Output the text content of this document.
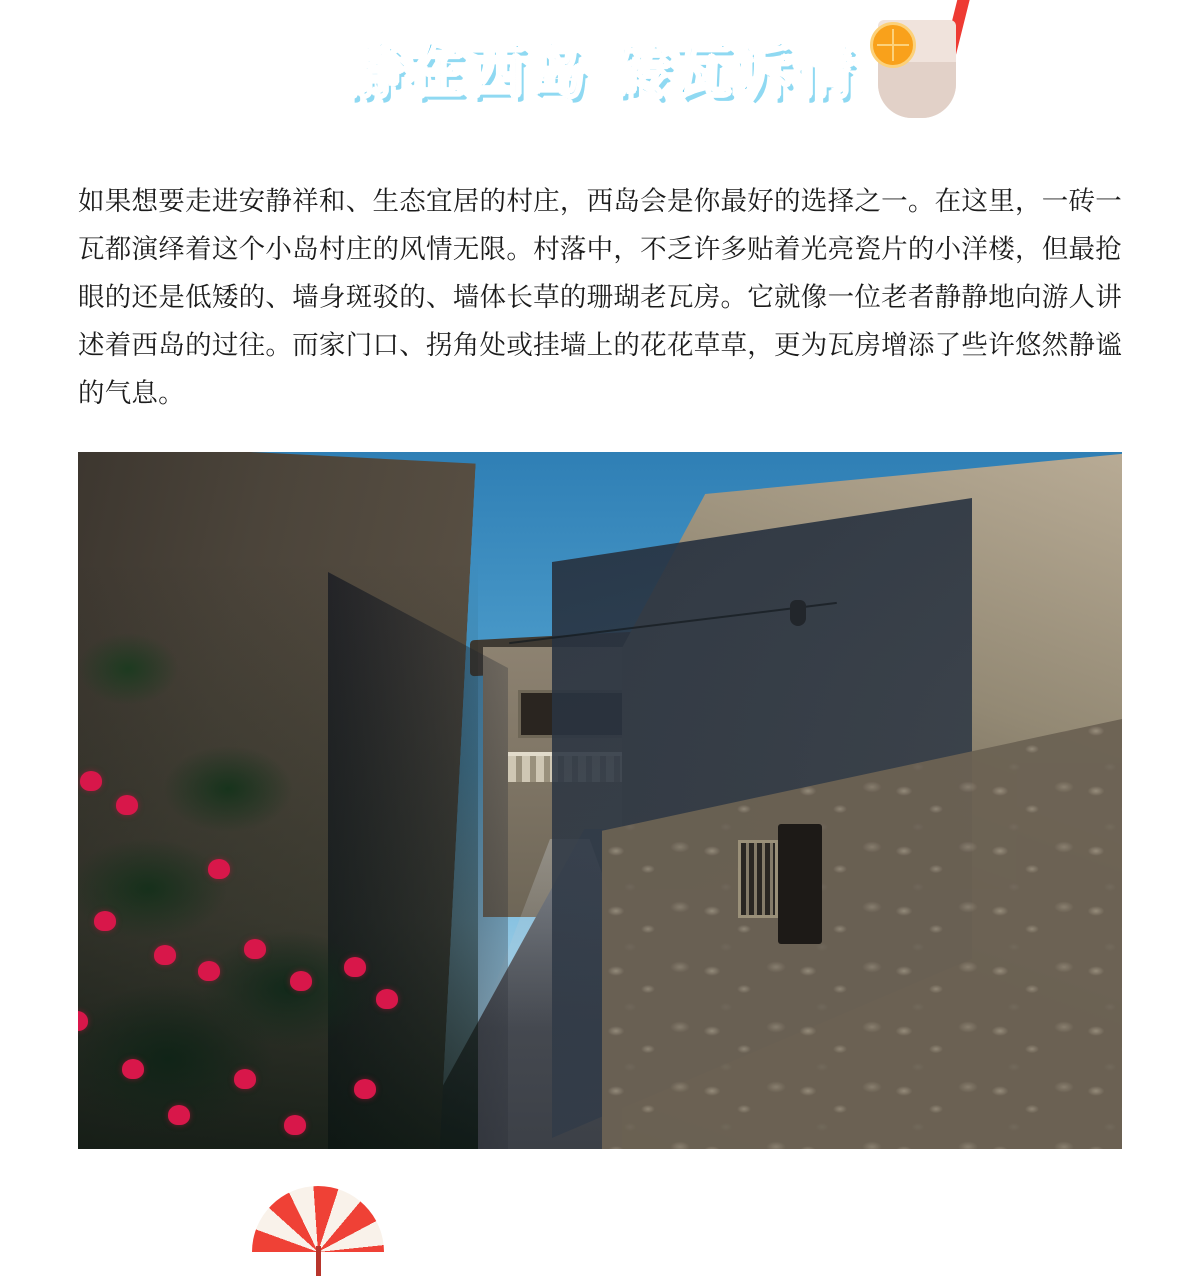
静在西岛 砖瓦诉情

如果想要走进安静祥和、生态宜居的村庄，西岛会是你最好的选择之一。在这里，一砖一瓦都演绎着这个小岛村庄的风情无限。村落中，不乏许多贴着光亮瓷片的小洋楼，但最抢眼的还是低矮的、墙身斑驳的、墙体长草的珊瑚老瓦房。它就像一位老者静静地向游人讲述着西岛的过往。而家门口、拐角处或挂墙上的花花草草，更为瓦房增添了些许悠然静谧的气息。
